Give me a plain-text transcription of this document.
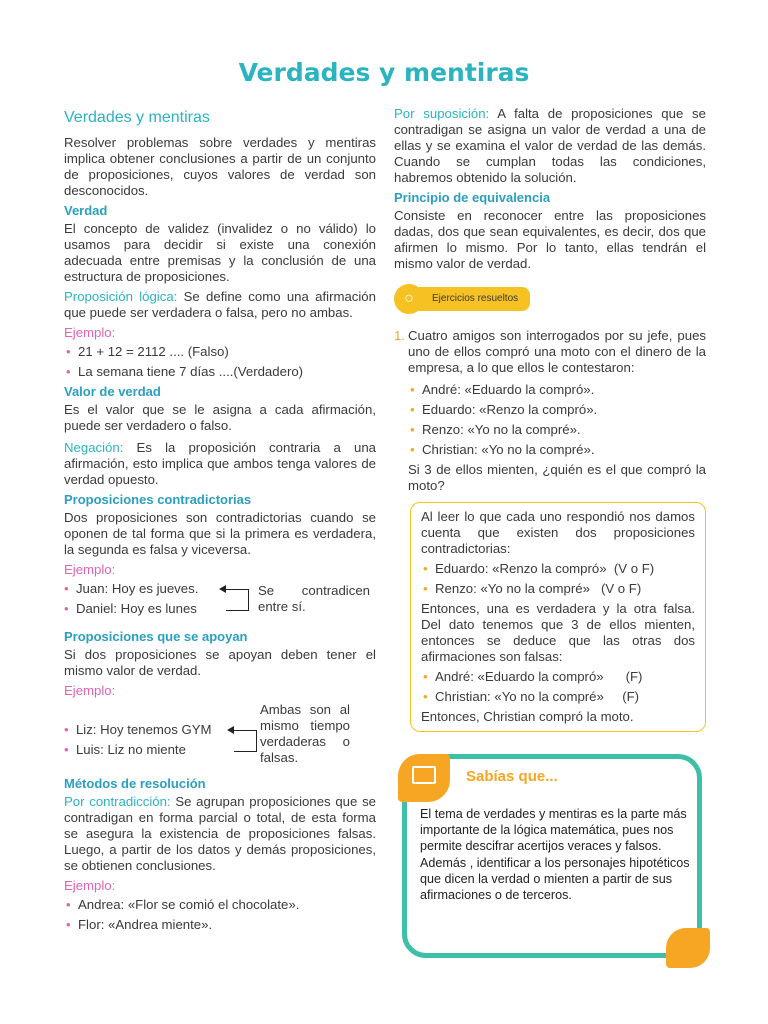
Verdades y mentiras
Verdades y mentiras

Resolver problemas sobre verdades y mentiras implica obtener conclusiones a partir de un conjunto de proposiciones, cuyos valores de verdad son desconocidos.

Verdad

El concepto de validez (invalidez o no válido) lo usamos para decidir si existe una conexión adecuada entre premisas y la conclusión de una estructura de proposiciones.

Proposición lógica: Se define como una afirmación que puede ser verdadera o falsa, pero no ambas.

Ejemplo:
• 21 + 12 = 2112 .... (Falso)
• La semana tiene 7 días ....(Verdadero)
Valor de verdad

Es el valor que se le asigna a cada afirmación, puede ser verdadero o falso.

Negación: Es la proposición contraria a una afirmación, esto implica que ambos tenga valores de verdad opuesto.

Proposiciones contradictorias

Dos proposiciones son contradictorias cuando se oponen de tal forma que si la primera es verdadera, la segunda es falsa y viceversa.

Ejemplo:
• Juan: Hoy es jueves.
• Daniel: Hoy es lunes
Se contradicen entre sí.
Proposiciones que se apoyan

Si dos proposiciones se apoyan deben tener el mismo valor de verdad.

Ejemplo:
• Liz: Hoy tenemos GYM
• Luis: Liz no miente
Ambas son al mismo tiempo verdaderas o falsas.
Métodos de resolución

Por contradicción: Se agrupan proposiciones que se contradigan en forma parcial o total, de esta forma se asegura la existencia de proposiciones falsas. Luego, a partir de los datos y demás proposiciones, se obtienen conclusiones.

Ejemplo:
• Andrea: «Flor se comió el chocolate».
• Flor: «Andrea miente».

Por suposición: A falta de proposiciones que se contradigan se asigna un valor de verdad a una de ellas y se examina el valor de verdad de las demás. Cuando se cumplan todas las condiciones, habremos obtenido la solución.

Principio de equivalencia

Consiste en reconocer entre las proposiciones dadas, dos que sean equivalentes, es decir, dos que afirmen lo mismo. Por lo tanto, ellas tendrán el mismo valor de verdad.

○	Ejercicios resueltos
1. Cuatro amigos son interrogados por su jefe, pues uno de ellos compró una moto con el dinero de la empresa, a lo que ellos le contestaron:

• André: «Eduardo la compró».
• Eduardo: «Renzo la compró».
• Renzo: «Yo no la compré».
• Christian: «Yo no la compré».

Si 3 de ellos mienten, ¿quién es el que compró la moto?

Al leer lo que cada uno respondió nos damos cuenta que existen dos proposiciones contradictorias:

• Eduardo: «Renzo la compró» (V o F)
• Renzo: «Yo no la compré» (V o F)

Entonces, una es verdadera y la otra falsa. Del dato tenemos que 3 de ellos mienten, entonces se deduce que las otras dos afirmaciones son falsas:

• André: «Eduardo la compró» (F)
• Christian: «Yo no la compré» (F)

Entonces, Christian compró la moto.

Sabías que...
El tema de verdades y mentiras es la parte más importante de la lógica matemática, pues nos permite descifrar acertijos veraces y falsos. Además , identificar a los personajes hipotéticos que dicen la verdad o mienten a partir de sus afirmaciones o de terceros.
